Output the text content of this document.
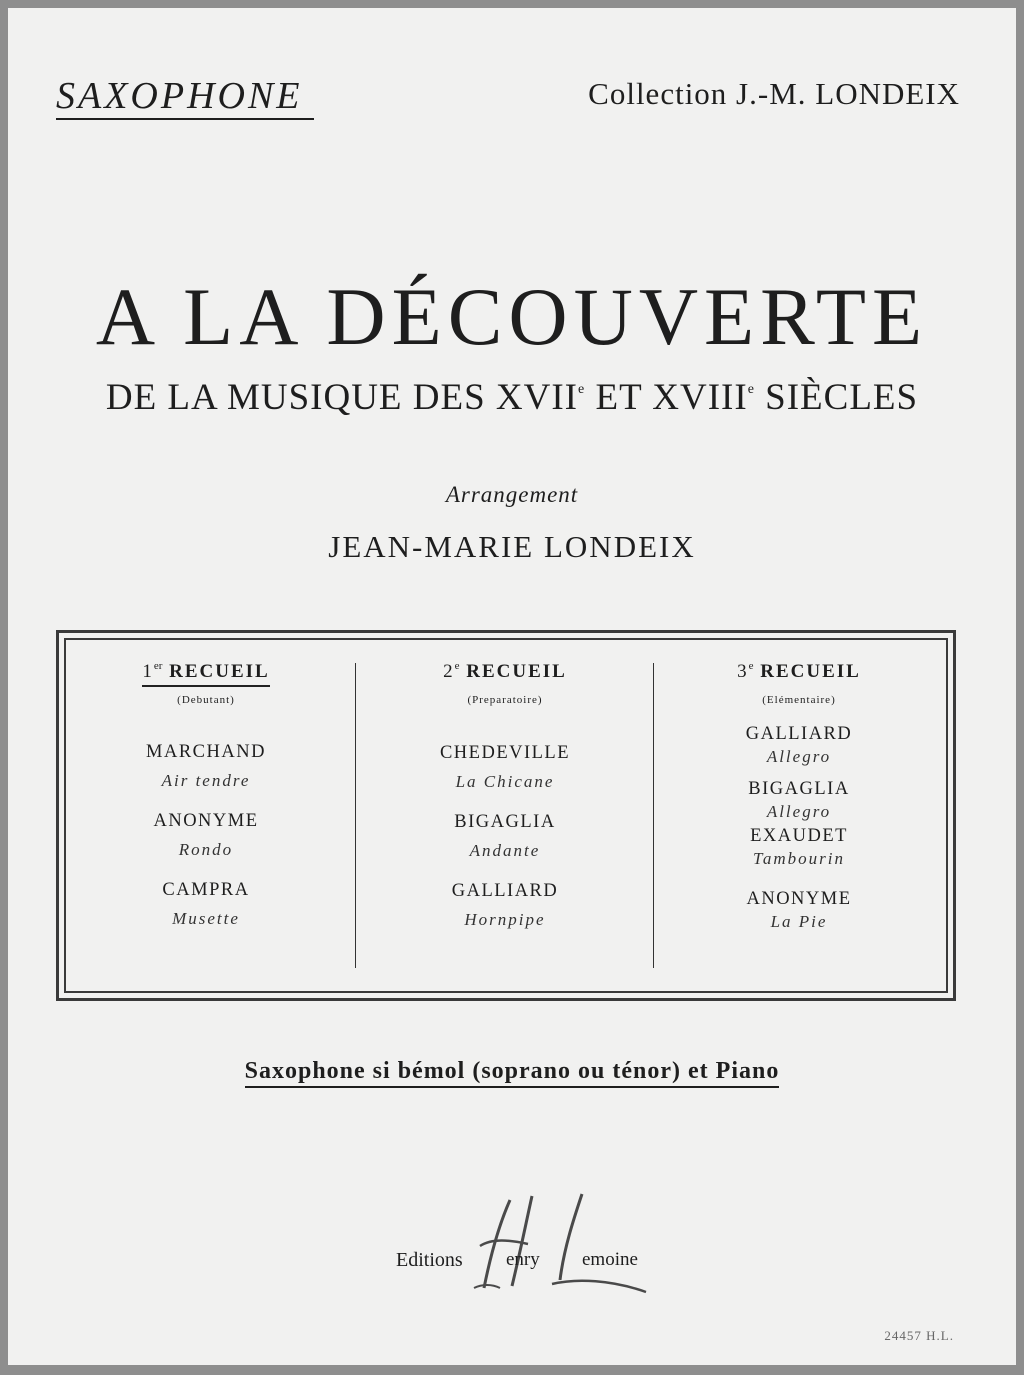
SAXOPHONE	Collection J.-M. LONDEIX
A LA DÉCOUVERTE
DE LA MUSIQUE DES XVIIe ET XVIIIe SIÈCLES
Arrangement
JEAN-MARIE LONDEIX
1er RECUEIL
(Debutant)
MARCHAND
Air tendre
ANONYME
Rondo
CAMPRA
Musette
2e RECUEIL
(Preparatoire)
CHEDEVILLE
La Chicane
BIGAGLIA
Andante
GALLIARD
Hornpipe
3e RECUEIL
(Elémentaire)
GALLIARD
Allegro
BIGAGLIA
Allegro
EXAUDET
Tambourin
ANONYME
La Pie
Saxophone si bémol (soprano ou ténor) et Piano
Editions enry emoine
24457 H.L.
